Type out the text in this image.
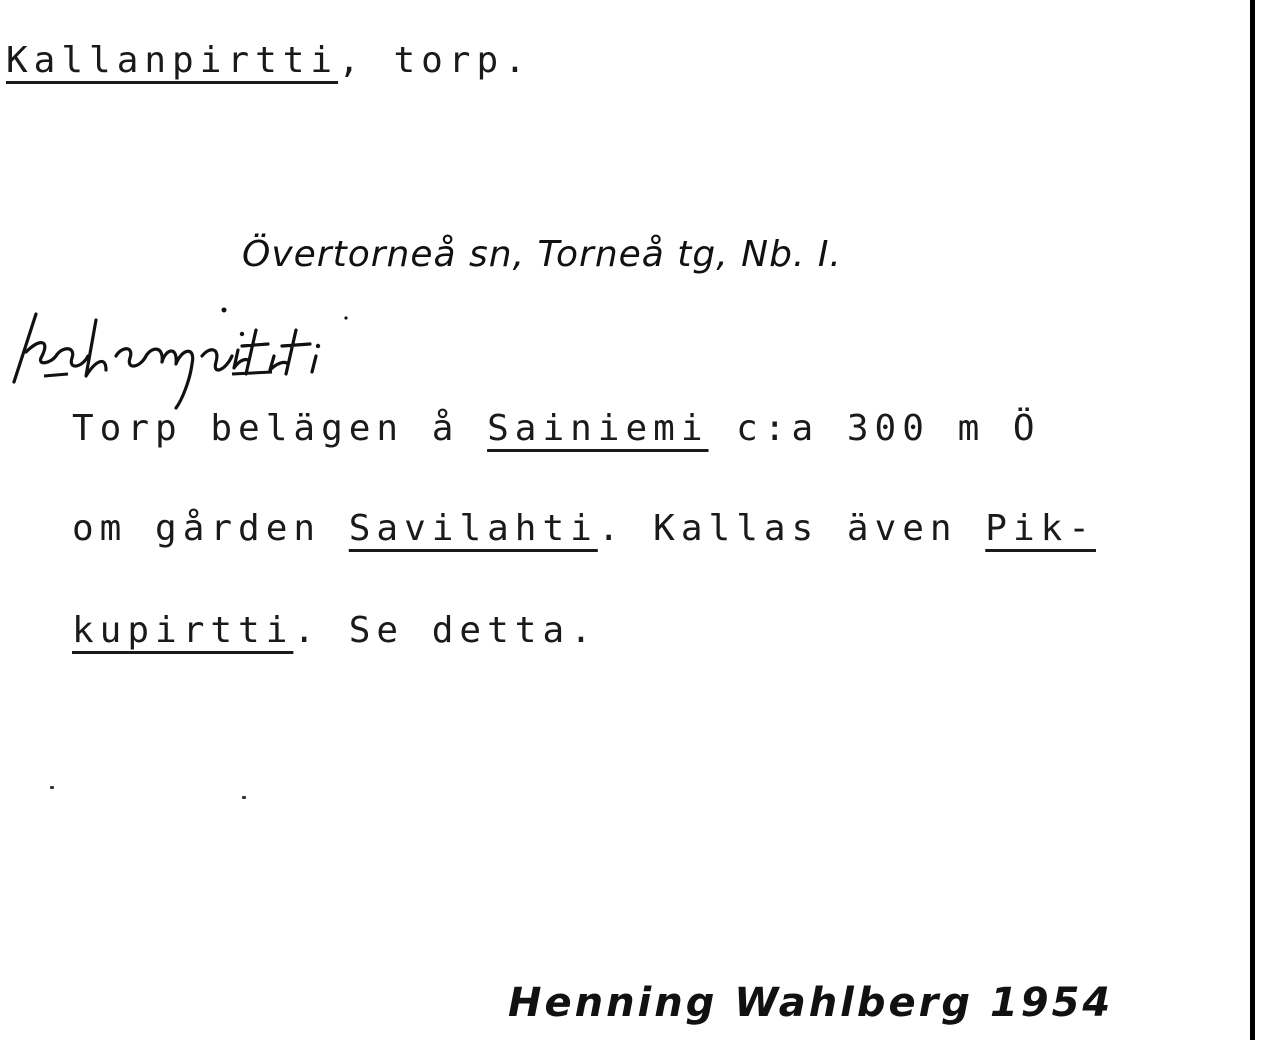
Kallanpirtti, torp.
Övertorneå sn, Torneå tg, Nb. I.
Torp belägen å Sainiemi c:a 300 m Ö
om gården Savilahti. Kallas även Pik-
kupirtti. Se detta.
Henning Wahlberg 1954
